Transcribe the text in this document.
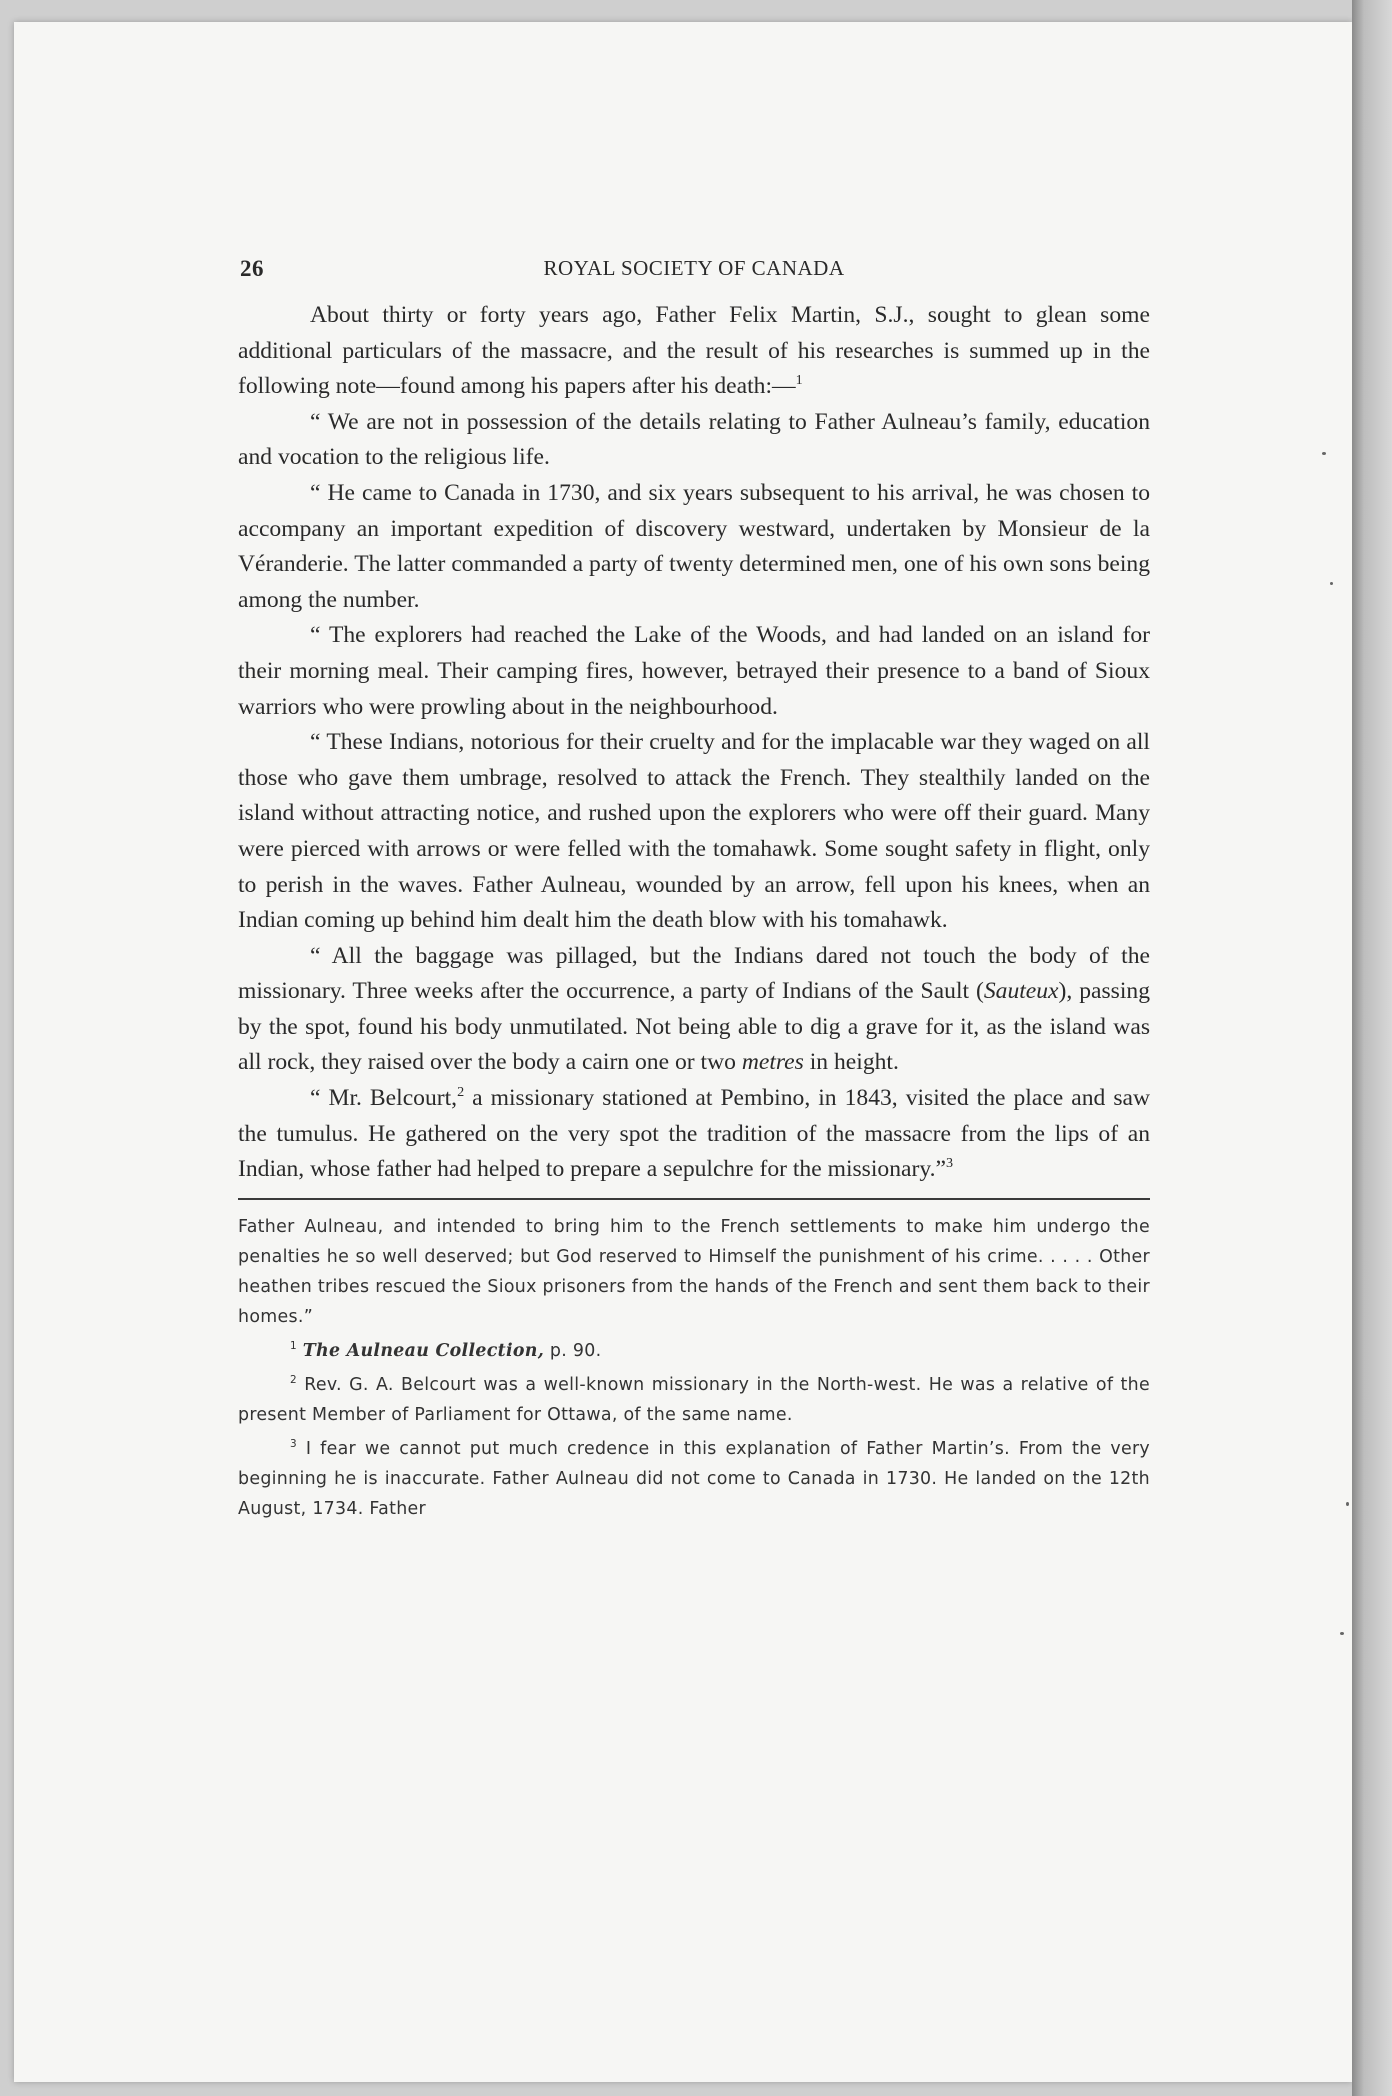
26	ROYAL SOCIETY OF CANADA

About thirty or forty years ago, Father Felix Martin, S.J., sought to glean some additional particulars of the massacre, and the result of his researches is summed up in the following note—found among his papers after his death:—$^1$

“ We are not in possession of the details relating to Father Aulneau’s family, education and vocation to the religious life.

“ He came to Canada in 1730, and six years subsequent to his arrival, he was chosen to accompany an important expedition of discovery westward, undertaken by Monsieur de la Véranderie. The latter commanded a party of twenty determined men, one of his own sons being among the number.

“ The explorers had reached the Lake of the Woods, and had landed on an island for their morning meal. Their camping fires, however, betrayed their presence to a band of Sioux warriors who were prowling about in the neighbourhood.

“ These Indians, notorious for their cruelty and for the implacable war they waged on all those who gave them umbrage, resolved to attack the French. They stealthily landed on the island without attracting notice, and rushed upon the explorers who were off their guard. Many were pierced with arrows or were felled with the tomahawk. Some sought safety in flight, only to perish in the waves. Father Aulneau, wounded by an arrow, fell upon his knees, when an Indian coming up behind him dealt him the death blow with his tomahawk.

“ All the baggage was pillaged, but the Indians dared not touch the body of the missionary. Three weeks after the occurrence, a party of Indians of the Sault (Sauteux), passing by the spot, found his body unmutilated. Not being able to dig a grave for it, as the island was all rock, they raised over the body a cairn one or two metres in height.

“ Mr. Belcourt,$^2$ a missionary stationed at Pembino, in 1843, visited the place and saw the tumulus. He gathered on the very spot the tradition of the massacre from the lips of an Indian, whose father had helped to prepare a sepulchre for the missionary.”$^3$

Father Aulneau, and intended to bring him to the French settlements to make him undergo the penalties he so well deserved; but God reserved to Himself the punishment of his crime. . . . . Other heathen tribes rescued the Sioux prisoners from the hands of the French and sent them back to their homes.”

$^1$ The Aulneau Collection, p. 90.

$^2$ Rev. G. A. Belcourt was a well-known missionary in the North-west. He was a relative of the present Member of Parliament for Ottawa, of the same name.

$^3$ I fear we cannot put much credence in this explanation of Father Martin’s. From the very beginning he is inaccurate. Father Aulneau did not come to Canada in 1730. He landed on the 12th August, 1734. Father
